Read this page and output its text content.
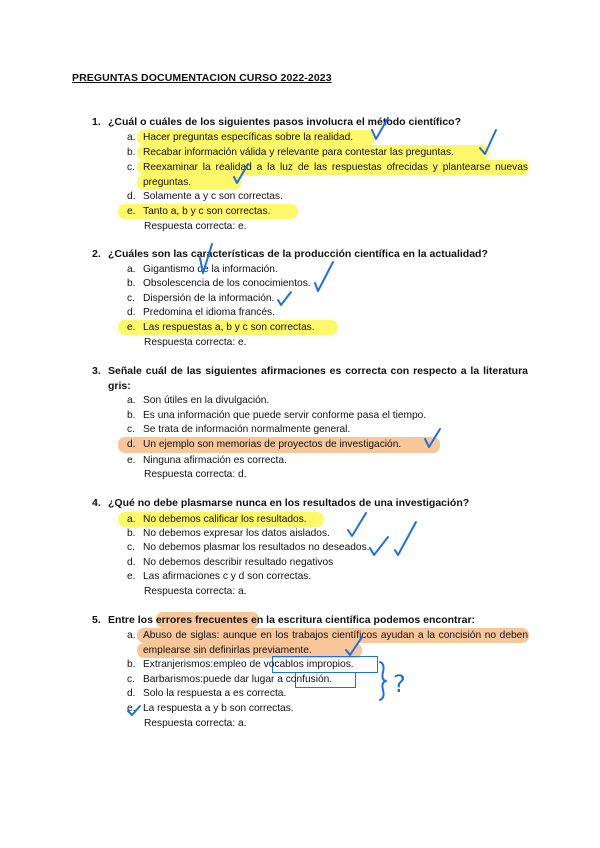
PREGUNTAS DOCUMENTACION CURSO 2022-2023
1. ¿Cuál o cuáles de los siguientes pasos involucra el método científico?
a. Hacer preguntas específicas sobre la realidad.
b. Recabar información válida y relevante para contestar las preguntas.
c. Reexaminar la realidad a la luz de las respuestas ofrecidas y plantearse nuevas preguntas.
d. Solamente a y c son correctas.
e. Tanto a, b y c son correctas.
Respuesta correcta: e.
2. ¿Cuáles son las características de la producción científica en la actualidad?
a. Gigantismo de la información.
b. Obsolescencia de los conocimientos.
c. Dispersión de la información.
d. Predomina el idioma francés.
e. Las respuestas a, b y c son correctas.
Respuesta correcta: e.
3. Señale cuál de las siguientes afirmaciones es correcta con respecto a la literatura gris:
a. Son útiles en la divulgación.
b. Es una información que puede servir conforme pasa el tiempo.
c. Se trata de información normalmente general.
d. Un ejemplo son memorias de proyectos de investigación.
e. Ninguna afirmación es correcta.
Respuesta correcta: d.
4. ¿Qué no debe plasmarse nunca en los resultados de una investigación?
a. No debemos calificar los resultados.
b. No debemos expresar los datos aislados.
c. No debemos plasmar los resultados no deseados.
d. No debemos describir resultado negativos
e. Las afirmaciones c y d son correctas.
Respuesta correcta: a.
5. Entre los errores frecuentes en la escritura científica podemos encontrar:
a. Abuso de siglas: aunque en los trabajos científicos ayudan a la concisión no deben emplearse sin definirlas previamente.
b. Extranjerismos:empleo de vocablos impropios.
c. Barbarismos:puede dar lugar a confusión.
d. Solo la respuesta a es correcta.
e. La respuesta a y b son correctas.
Respuesta correcta: a.
?
